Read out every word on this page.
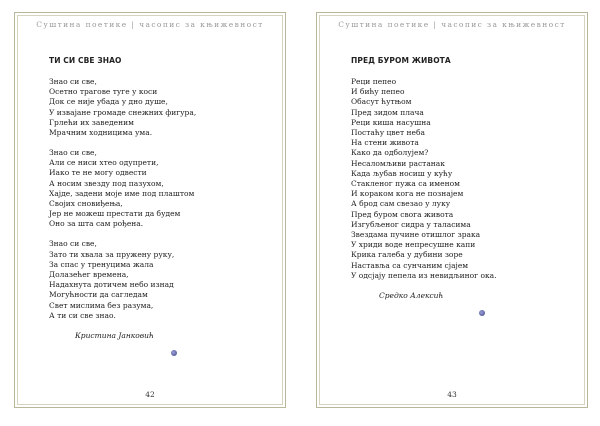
Суштина поетике | часопис за књижевност
ТИ СИ СВЕ ЗНАО
Знао си све,
Осетно трагове туге у коси
Док се није убада у дно душе,
У извајане громаде снежних фигура,
Грлећи их заведеним
Мрачним ходницима ума.
Знао си све,
Али се ниси хтео одупрети,
Иако те не могу одвести
А носим звезду под пазухом,
Хајде, задени моје име под плаштом
Својих сновиђења,
Јер не можеш престати да будем
Оно за шта сам рођена.
Знао си све,
Зато ти хвала за пружену руку,
За спас у тренуцима жала
Долазећег времена,
Надахнута дотичем небо изнад
Могућности да сагледам
Свет мислима без разума,
А ти си све знао.
Кристина Јанковић
42
Суштина поетике | часопис за књижевност
ПРЕД БУРОМ ЖИВОТА
Реци пепео
И бићу пепео
Обасут ћутњом
Пред зидом плача
Реци киша насушна
Постаћу цвет неба
На стени живота
Како да одболујем?
Несаломљиви растанак
Када љубав носиш у кућу
Стакленог пужа са именом
И кораком кога не познајем
А брод сам свезао у луку
Пред буром свога живота
Изгубљеног сидра у таласима
Звездама пучине отишлог зрака
У хриди воде непресушне капи
Крика галеба у дубини зоре
Наставља са сунчаним сјајем
У одсјају пепела из невидљиног ока.
Средко Алексић
43
